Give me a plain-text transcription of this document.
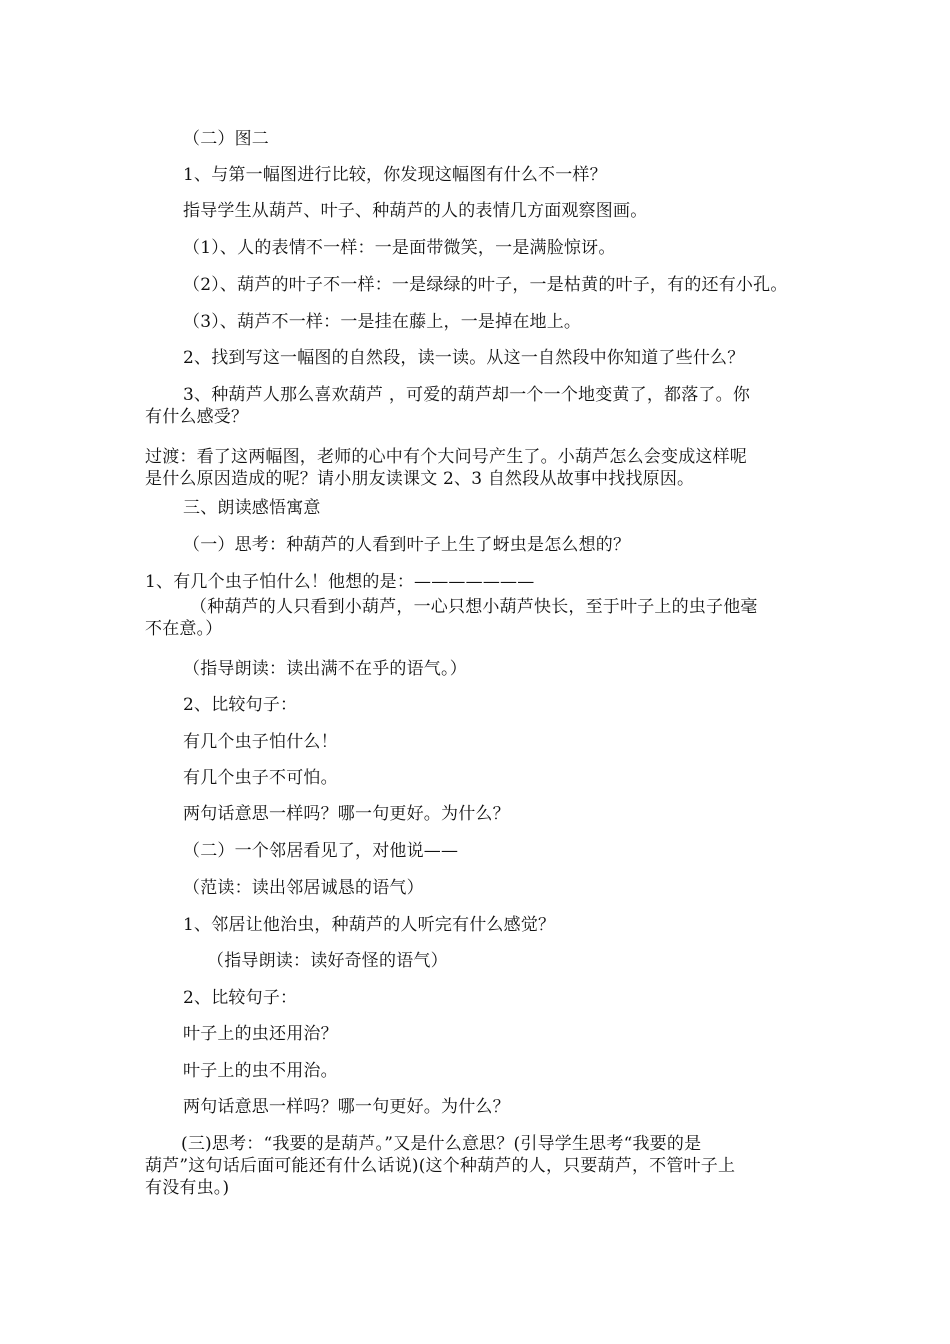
（二）图二
1、与第一幅图进行比较，你发现这幅图有什么不一样？
指导学生从葫芦、叶子、种葫芦的人的表情几方面观察图画。
（1）、人的表情不一样：一是面带微笑，一是满脸惊讶。
（2）、葫芦的叶子不一样：一是绿绿的叶子，一是枯黄的叶子，有的还有小孔。
（3）、葫芦不一样：一是挂在藤上，一是掉在地上。
2、找到写这一幅图的自然段，读一读。从这一自然段中你知道了些什么？
3、种葫芦人那么喜欢葫芦 ，可爱的葫芦却一个一个地变黄了，都落了。你
有什么感受？
过渡：看了这两幅图，老师的心中有个大问号产生了。小葫芦怎么会变成这样呢
是什么原因造成的呢？请小朋友读课文 2、3 自然段从故事中找找原因。
三、朗读感悟寓意
（一）思考：种葫芦的人看到叶子上生了蚜虫是怎么想的？
1、有几个虫子怕什么！他想的是：———————
（种葫芦的人只看到小葫芦，一心只想小葫芦快长，至于叶子上的虫子他毫
不在意。）
（指导朗读：读出满不在乎的语气。）
2、比较句子：
有几个虫子怕什么！
有几个虫子不可怕。
两句话意思一样吗？哪一句更好。为什么？
（二）一个邻居看见了，对他说——
（范读：读出邻居诚恳的语气）
1、邻居让他治虫，种葫芦的人听完有什么感觉？
（指导朗读：读好奇怪的语气）
2、比较句子：
叶子上的虫还用治？
叶子上的虫不用治。
两句话意思一样吗？哪一句更好。为什么？
(三)思考：“我要的是葫芦。”又是什么意思？(引导学生思考“我要的是
葫芦”这句话后面可能还有什么话说)(这个种葫芦的人，只要葫芦，不管叶子上
有没有虫。)
